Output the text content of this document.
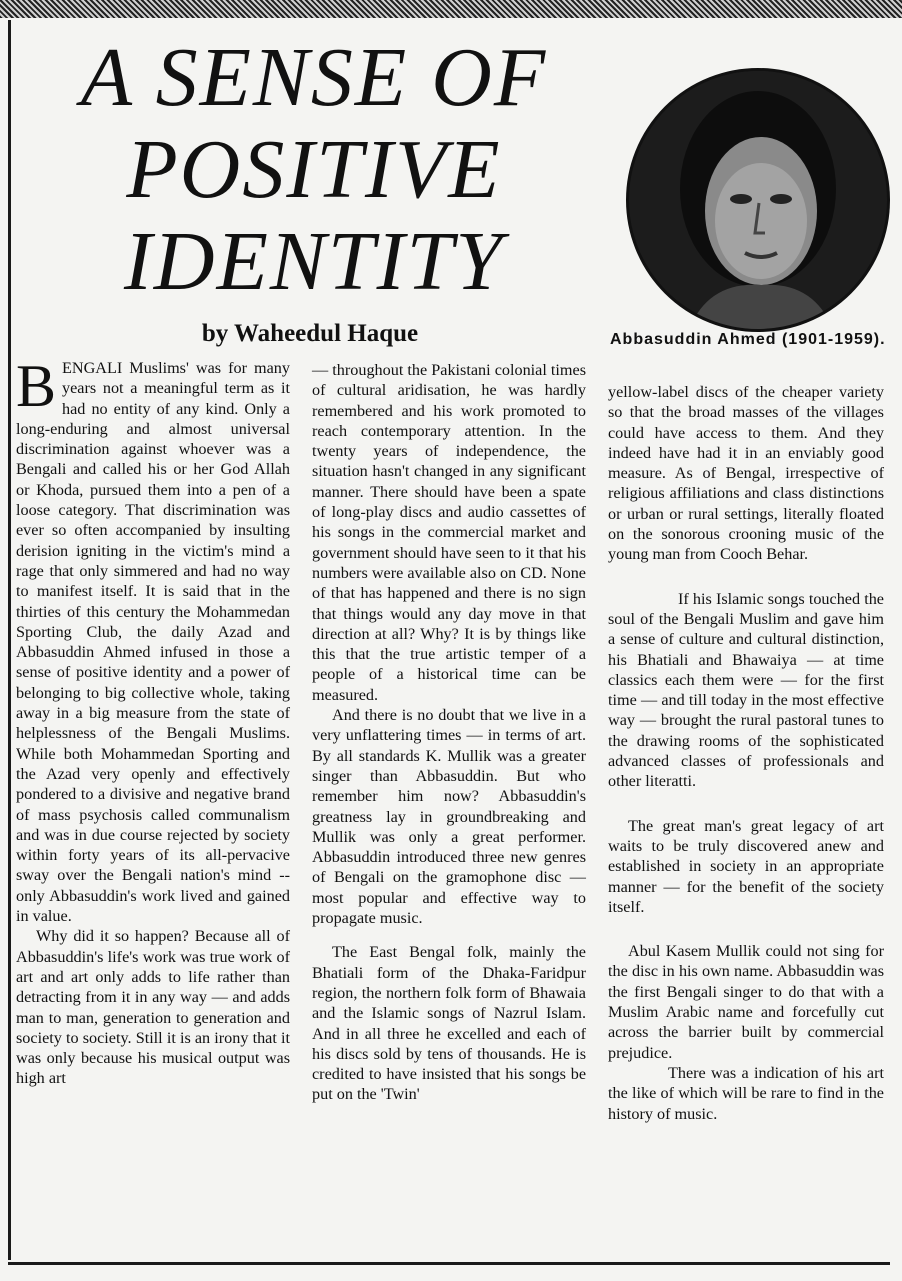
A SENSE OF
POSITIVE
IDENTITY
by Waheedul Haque	Abbasuddin Ahmed (1901-1959).

BENGALI Muslims' was for many years not a meaningful term as it had no entity of any kind. Only a long-enduring and almost universal discrimination against whoever was a Bengali and called his or her God Allah or Khoda, pursued them into a pen of a loose category. That discrimination was ever so often accompanied by insulting derision igniting in the victim's mind a rage that only simmered and had no way to manifest itself. It is said that in the thirties of this century the Mohammedan Sporting Club, the daily Azad and Abbasuddin Ahmed infused in those a sense of positive identity and a power of belonging to big collective whole, taking away in a big measure from the state of helplessness of the Bengali Muslims. While both Mohammedan Sporting and the Azad very openly and effectively pondered to a divisive and negative brand of mass psychosis called communalism and was in due course rejected by society within forty years of its all-pervacive sway over the Bengali nation's mind -- only Abbasuddin's work lived and gained in value.

Why did it so happen? Because all of Abbasuddin's life's work was true work of art and art only adds to life rather than detracting from it in any way — and adds man to man, generation to generation and society to society. Still it is an irony that it was only because his musical output was high art

— throughout the Pakistani colonial times of cultural aridisation, he was hardly remembered and his work promoted to reach contemporary attention. In the twenty years of independence, the situation hasn't changed in any significant manner. There should have been a spate of long-play discs and audio cassettes of his songs in the commercial market and government should have seen to it that his numbers were available also on CD. None of that has happened and there is no sign that things would any day move in that direction at all? Why? It is by things like this that the true artistic temper of a people of a historical time can be measured.

And there is no doubt that we live in a very unflattering times — in terms of art. By all standards K. Mullik was a greater singer than Abbasuddin. But who remember him now? Abbasuddin's greatness lay in groundbreaking and Mullik was only a great performer. Abbasuddin introduced three new genres of Bengali on the gramophone disc — most popular and effective way to propagate music.

The East Bengal folk, mainly the Bhatiali form of the Dhaka-Faridpur region, the northern folk form of Bhawaia and the Islamic songs of Nazrul Islam. And in all three he excelled and each of his discs sold by tens of thousands. He is credited to have insisted that his songs be put on the 'Twin'

yellow-label discs of the cheaper variety so that the broad masses of the villages could have access to them. And they indeed have had it in an enviably good measure. As of Bengal, irrespective of religious affiliations and class distinctions or urban or rural settings, literally floated on the sonorous crooning music of the young man from Cooch Behar.

If his Islamic songs touched the soul of the Bengali Muslim and gave him a sense of culture and cultural distinction, his Bhatiali and Bhawaiya — at time classics each them were — for the first time — and till today in the most effective way — brought the rural pastoral tunes to the drawing rooms of the sophisticated advanced classes of professionals and other literatti.

The great man's great legacy of art waits to be truly discovered anew and established in society in an appropriate manner — for the benefit of the society itself.

Abul Kasem Mullik could not sing for the disc in his own name. Abbasuddin was the first Bengali singer to do that with a Muslim Arabic name and forcefully cut across the barrier built by commercial prejudice.

There was a indication of his art the like of which will be rare to find in the history of music.
